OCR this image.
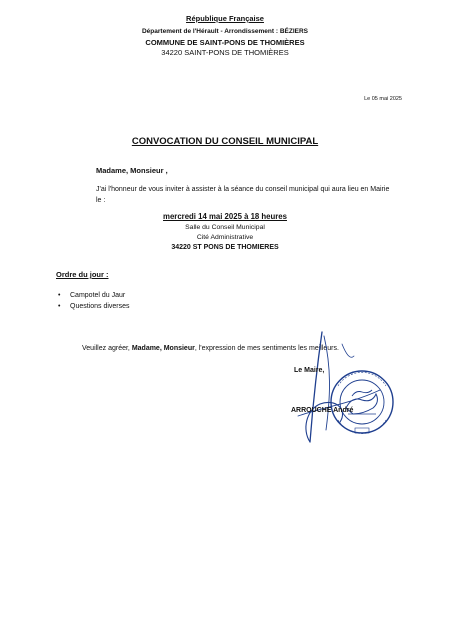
République Française
Département de l'Hérault - Arrondissement : BÉZIERS
COMMUNE DE SAINT-PONS DE THOMIÈRES
34220 SAINT-PONS DE THOMIÈRES
Le 05 mai 2025
CONVOCATION DU CONSEIL MUNICIPAL
Madame, Monsieur ,
J'ai l'honneur de vous inviter à assister à la séance du conseil municipal qui aura lieu en Mairie le :
mercredi 14 mai 2025 à 18 heures
Salle du Conseil Municipal
Cité Administrative
34220 ST PONS DE THOMIERES
Ordre du jour :
• Campotel du Jaur
• Questions diverses
Veuillez agréer, Madame, Monsieur, l'expression de mes sentiments les meilleurs.
Le Maire,
ARROUCHE André
